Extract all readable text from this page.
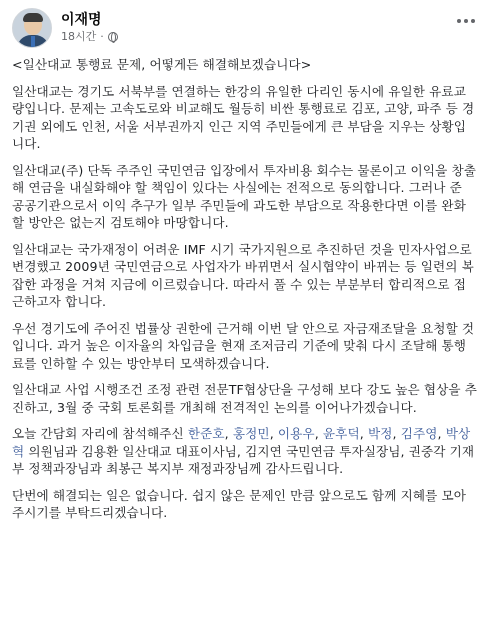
이재명
18시간 ·

<일산대교 통행료 문제, 어떻게든 해결해보겠습니다>

일산대교는 경기도 서북부를 연결하는 한강의 유일한 다리인 동시에 유일한 유료교량입니다. 문제는 고속도로와 비교해도 월등히 비싼 통행료로 김포, 고양, 파주 등 경기권 외에도 인천, 서울 서부권까지 인근 지역 주민들에게 큰 부담을 지우는 상황입니다.

일산대교(주) 단독 주주인 국민연금 입장에서 투자비용 회수는 물론이고 이익을 창출해 연금을 내실화해야 할 책임이 있다는 사실에는 전적으로 동의합니다. 그러나 준 공공기관으로서 이익 추구가 일부 주민들에 과도한 부담으로 작용한다면 이를 완화할 방안은 없는지 검토해야 마땅합니다.

일산대교는 국가재정이 어려운 IMF 시기 국가지원으로 추진하던 것을 민자사업으로 변경했고 2009년 국민연금으로 사업자가 바뀌면서 실시협약이 바뀌는 등 일련의 복잡한 과정을 거쳐 지금에 이르렀습니다. 따라서 풀 수 있는 부분부터 합리적으로 접근하고자 합니다.

우선 경기도에 주어진 법률상 권한에 근거해 이번 달 안으로 자금재조달을 요청할 것입니다. 과거 높은 이자율의 차입금을 현재 조저금리 기준에 맞춰 다시 조달해 통행료를 인하할 수 있는 방안부터 모색하겠습니다.

일산대교 사업 시행조건 조정 관련 전문TF협상단을 구성해 보다 강도 높은 협상을 추진하고, 3월 중 국회 토론회를 개최해 전격적인 논의를 이어나가겠습니다.

오늘 간담회 자리에 참석해주신 한준호, 홍정민, 이용우, 윤후덕, 박정, 김주영, 박상혁 의원님과 김용환 일산대교 대표이사님, 김지연 국민연금 투자실장님, 권중각 기재부 정책과장님과 최봉근 복지부 재정과장님께 감사드립니다.

단번에 해결되는 일은 없습니다. 쉽지 않은 문제인 만큼 앞으로도 함께 지혜를 모아주시기를 부탁드리겠습니다.
